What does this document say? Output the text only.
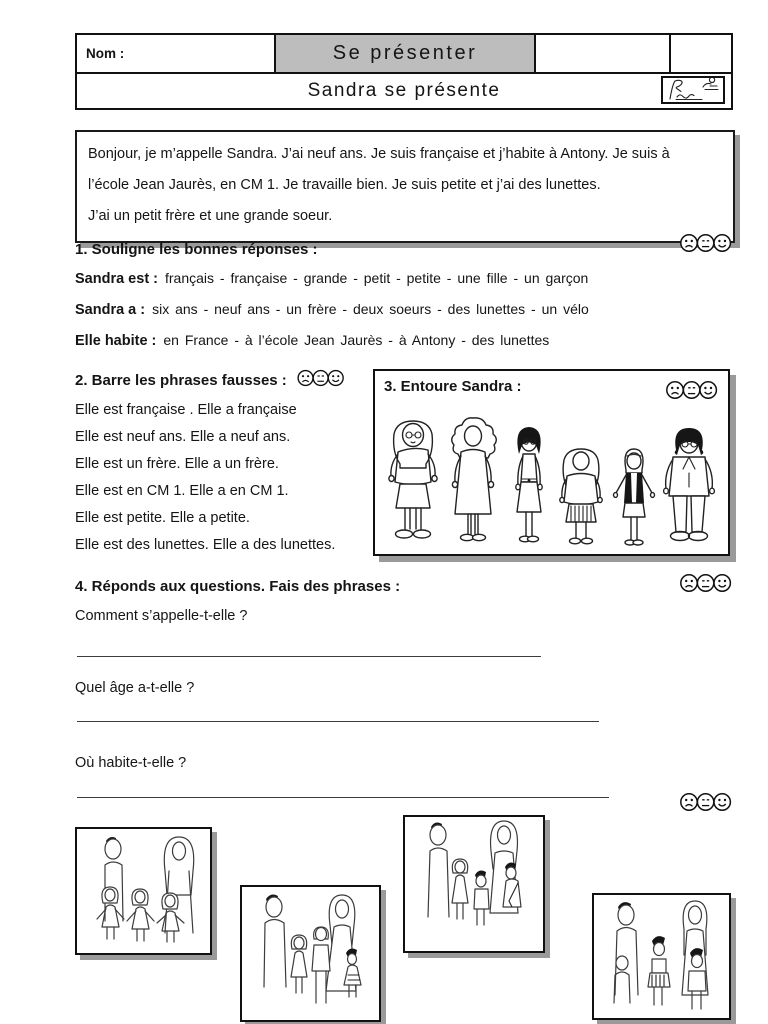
Nom :	Se présenter
Sandra se présente
Bonjour, je m’appelle Sandra. J’ai neuf ans. Je suis française et j’habite à Antony. Je suis à
l’école Jean Jaurès, en CM 1. Je travaille bien. Je suis petite et j’ai des lunettes.
J’ai un petit frère et une grande soeur.
1. Souligne les bonnes réponses :
Sandra est : français - française - grande - petit - petite - une fille - un garçon
Sandra a : six ans - neuf ans - un frère - deux soeurs - des lunettes - un vélo
Elle habite : en France - à l’école Jean Jaurès - à Antony - des lunettes
2. Barre les phrases fausses :
Elle est française . Elle a française
Elle est neuf ans. Elle a neuf ans.
Elle est un frère. Elle a un frère.
Elle est en CM 1. Elle a en CM 1.
Elle est petite. Elle a petite.
Elle est des lunettes. Elle a des lunettes.
3. Entoure Sandra :
4. Réponds aux questions. Fais des phrases :
Comment s’appelle-t-elle ?
Quel âge a-t-elle ?
Où habite-t-elle ?
